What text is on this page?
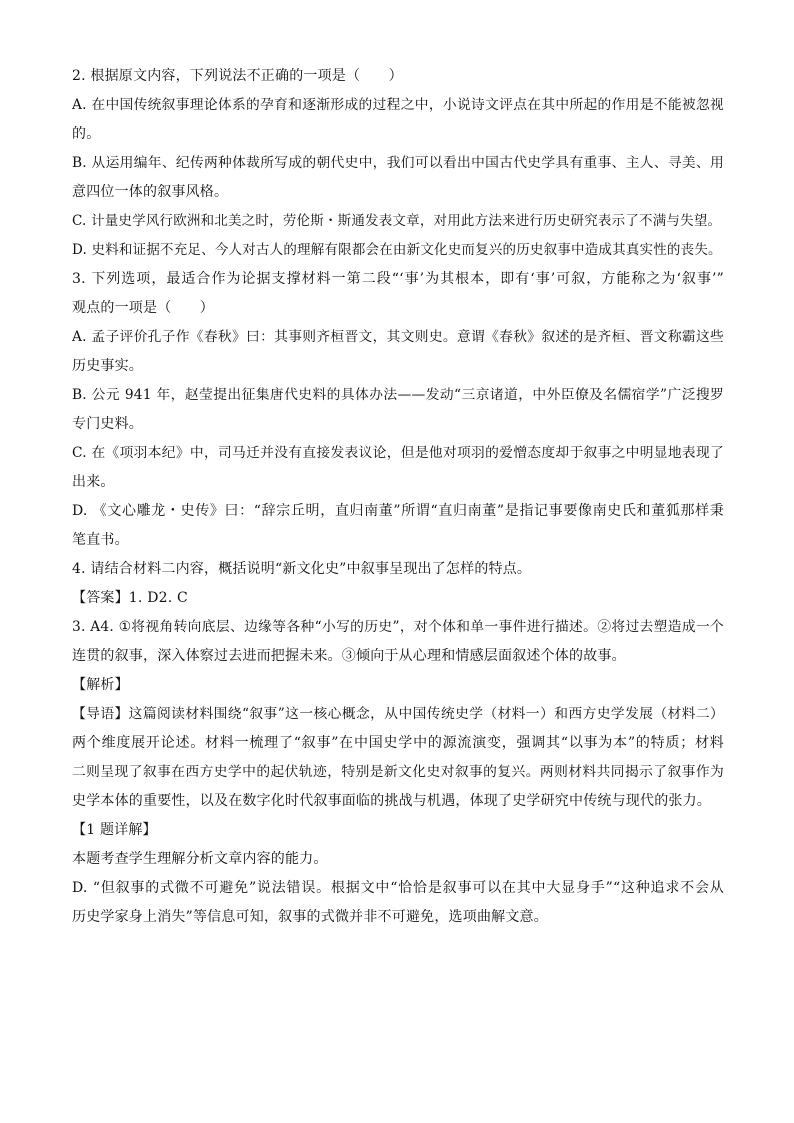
2. 根据原文内容，下列说法不正确的一项是（　　）
A. 在中国传统叙事理论体系的孕育和逐渐形成的过程之中，小说诗文评点在其中所起的作用是不能被忽视
的。
B. 从运用编年、纪传两种体裁所写成的朝代史中，我们可以看出中国古代史学具有重事、主人、寻美、用
意四位一体的叙事风格。
C. 计量史学风行欧洲和北美之时，劳伦斯・斯通发表文章，对用此方法来进行历史研究表示了不满与失望。
D. 史料和证据不充足、今人对古人的理解有限都会在由新文化史而复兴的历史叙事中造成其真实性的丧失。
3. 下列选项，最适合作为论据支撑材料一第二段“‘事’为其根本，即有‘事’可叙，方能称之为‘叙事’”
观点的一项是（　　）
A. 孟子评价孔子作《春秋》曰：其事则齐桓晋文，其文则史。意谓《春秋》叙述的是齐桓、晋文称霸这些
历史事实。
B. 公元 941 年，赵莹提出征集唐代史料的具体办法——发动“三京诸道，中外臣僚及名儒宿学”广泛搜罗
专门史料。
C. 在《项羽本纪》中，司马迁并没有直接发表议论，但是他对项羽的爱憎态度却于叙事之中明显地表现了
出来。
D. 《文心雕龙・史传》曰：“辞宗丘明，直归南董”所谓“直归南董”是指记事要像南史氏和董狐那样秉
笔直书。
4. 请结合材料二内容，概括说明“新文化史”中叙事呈现出了怎样的特点。
【答案】1. D2. C
3. A4. ①将视角转向底层、边缘等各种“小写的历史”，对个体和单一事件进行描述。②将过去塑造成一个
连贯的叙事，深入体察过去进而把握未来。③倾向于从心理和情感层面叙述个体的故事。
【解析】
【导语】这篇阅读材料围绕“叙事”这一核心概念，从中国传统史学（材料一）和西方史学发展（材料二）
两个维度展开论述。材料一梳理了“叙事”在中国史学中的源流演变，强调其“以事为本”的特质；材料
二则呈现了叙事在西方史学中的起伏轨迹，特别是新文化史对叙事的复兴。两则材料共同揭示了叙事作为
史学本体的重要性，以及在数字化时代叙事面临的挑战与机遇，体现了史学研究中传统与现代的张力。
【1 题详解】
本题考查学生理解分析文章内容的能力。
D. “但叙事的式微不可避免”说法错误。根据文中“恰恰是叙事可以在其中大显身手”“这种追求不会从
历史学家身上消失”等信息可知，叙事的式微并非不可避免，选项曲解文意。
